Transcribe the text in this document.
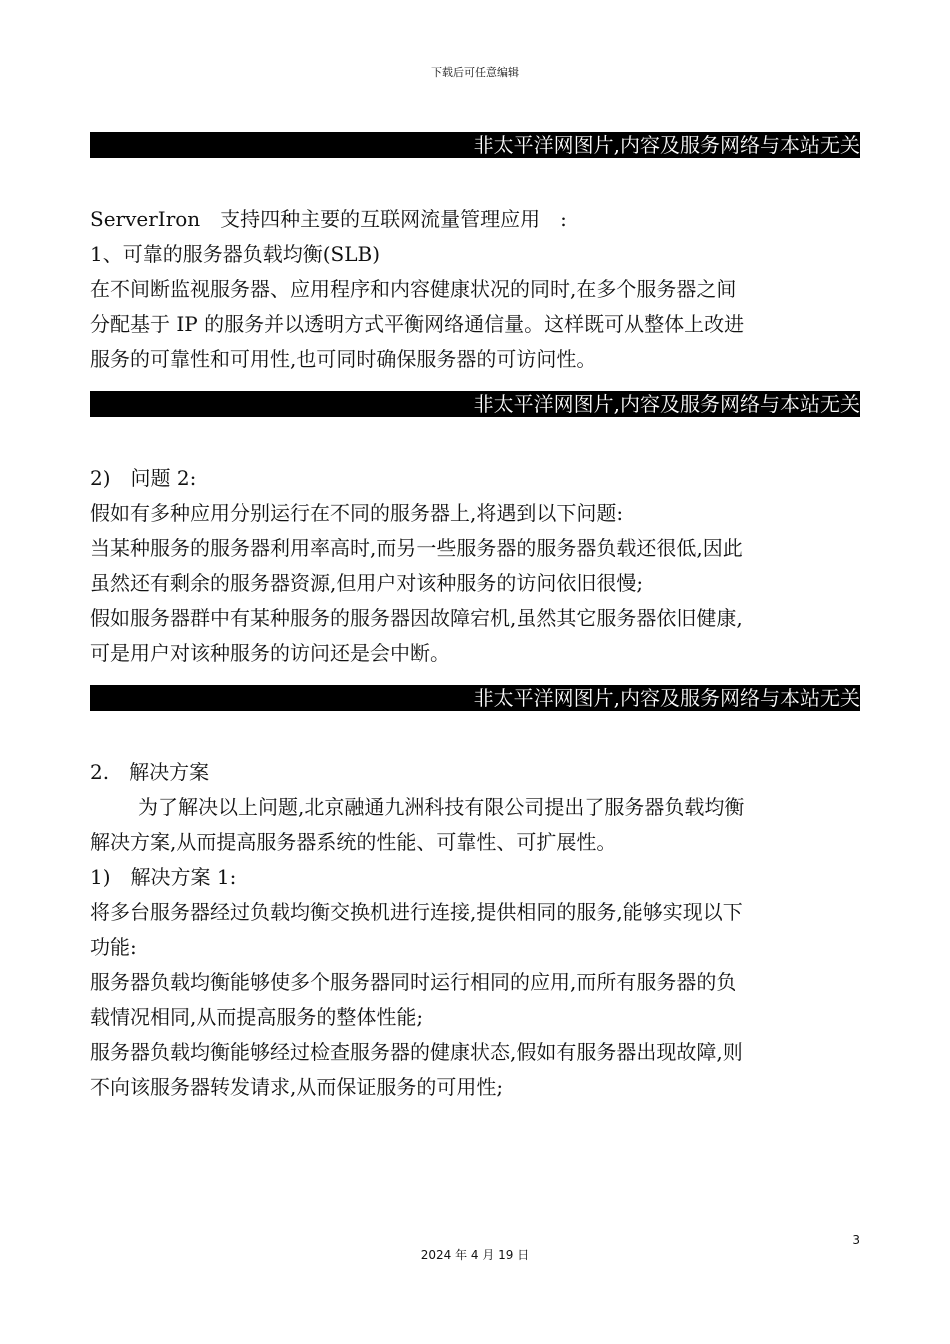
下载后可任意编辑
非太平洋网图片,内容及服务网络与本站无关

ServerIron　支持四种主要的互联网流量管理应用　:

1、可靠的服务器负载均衡(SLB)

在不间断监视服务器、应用程序和内容健康状况的同时,在多个服务器之间

分配基于 IP 的服务并以透明方式平衡网络通信量。这样既可从整体上改进

服务的可靠性和可用性,也可同时确保服务器的可访问性。

非太平洋网图片,内容及服务网络与本站无关

2)　问题 2:

假如有多种应用分别运行在不同的服务器上,将遇到以下问题:

当某种服务的服务器利用率高时,而另一些服务器的服务器负载还很低,因此

虽然还有剩余的服务器资源,但用户对该种服务的访问依旧很慢;

假如服务器群中有某种服务的服务器因故障宕机,虽然其它服务器依旧健康,

可是用户对该种服务的访问还是会中断。

非太平洋网图片,内容及服务网络与本站无关

2.　解决方案

为了解决以上问题,北京融通九洲科技有限公司提出了服务器负载均衡

解决方案,从而提高服务器系统的性能、可靠性、可扩展性。

1)　解决方案 1:

将多台服务器经过负载均衡交换机进行连接,提供相同的服务,能够实现以下

功能:

服务器负载均衡能够使多个服务器同时运行相同的应用,而所有服务器的负

载情况相同,从而提高服务的整体性能;

服务器负载均衡能够经过检查服务器的健康状态,假如有服务器出现故障,则

不向该服务器转发请求,从而保证服务的可用性;

3
2024 年 4 月 19 日
